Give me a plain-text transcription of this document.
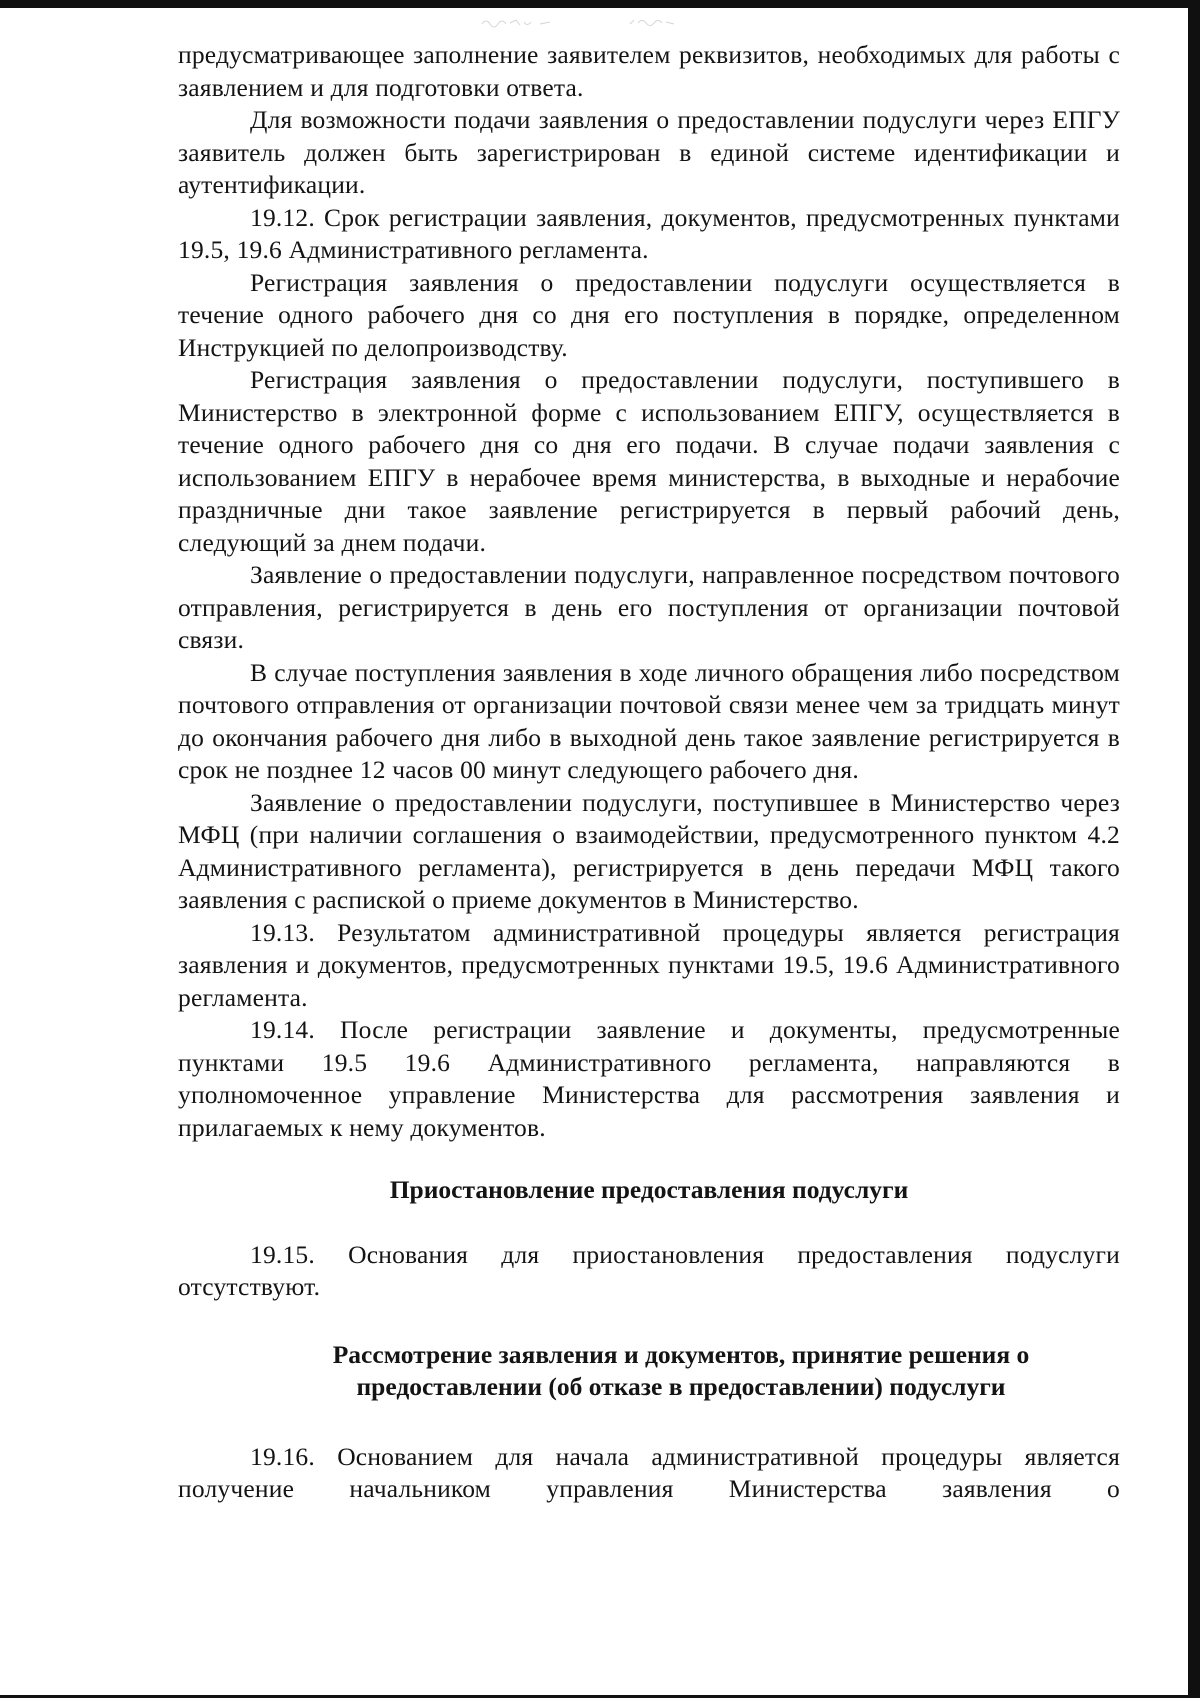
предусматривающее заполнение заявителем реквизитов, необходимых для работы с заявлением и для подготовки ответа.

Для возможности подачи заявления о предоставлении подуслуги через ЕПГУ заявитель должен быть зарегистрирован в единой системе идентификации и аутентификации.

19.12. Срок регистрации заявления, документов, предусмотренных пунктами 19.5, 19.6 Административного регламента.

Регистрация заявления о предоставлении подуслуги осуществляется в течение одного рабочего дня со дня его поступления в порядке, определенном Инструкцией по делопроизводству.

Регистрация заявления о предоставлении подуслуги, поступившего в Министерство в электронной форме с использованием ЕПГУ, осуществляется в течение одного рабочего дня со дня его подачи. В случае подачи заявления с использованием ЕПГУ в нерабочее время министерства, в выходные и нерабочие праздничные дни такое заявление регистрируется в первый рабочий день, следующий за днем подачи.

Заявление о предоставлении подуслуги, направленное посредством почтового отправления, регистрируется в день его поступления от организации почтовой связи.

В случае поступления заявления в ходе личного обращения либо посредством почтового отправления от организации почтовой связи менее чем за тридцать минут до окончания рабочего дня либо в выходной день такое заявление регистрируется в срок не позднее 12 часов 00 минут следующего рабочего дня.

Заявление о предоставлении подуслуги, поступившее в Министерство через МФЦ (при наличии соглашения о взаимодействии, предусмотренного пунктом 4.2 Административного регламента), регистрируется в день передачи МФЦ такого заявления с распиской о приеме документов в Министерство.

19.13. Результатом административной процедуры является регистрация заявления и документов, предусмотренных пунктами 19.5, 19.6 Административного регламента.

19.14. После регистрации заявление и документы, предусмотренные пунктами 19.5 19.6 Административного регламента, направляются в уполномоченное управление Министерства для рассмотрения заявления и прилагаемых к нему документов.

Приостановление предоставления подуслуги

19.15. Основания для приостановления предоставления подуслуги отсутствуют.

Рассмотрение заявления и документов, принятие решения о предоставлении (об отказе в предоставлении) подуслуги

19.16. Основанием для начала административной процедуры является получение начальником управления Министерства заявления о
